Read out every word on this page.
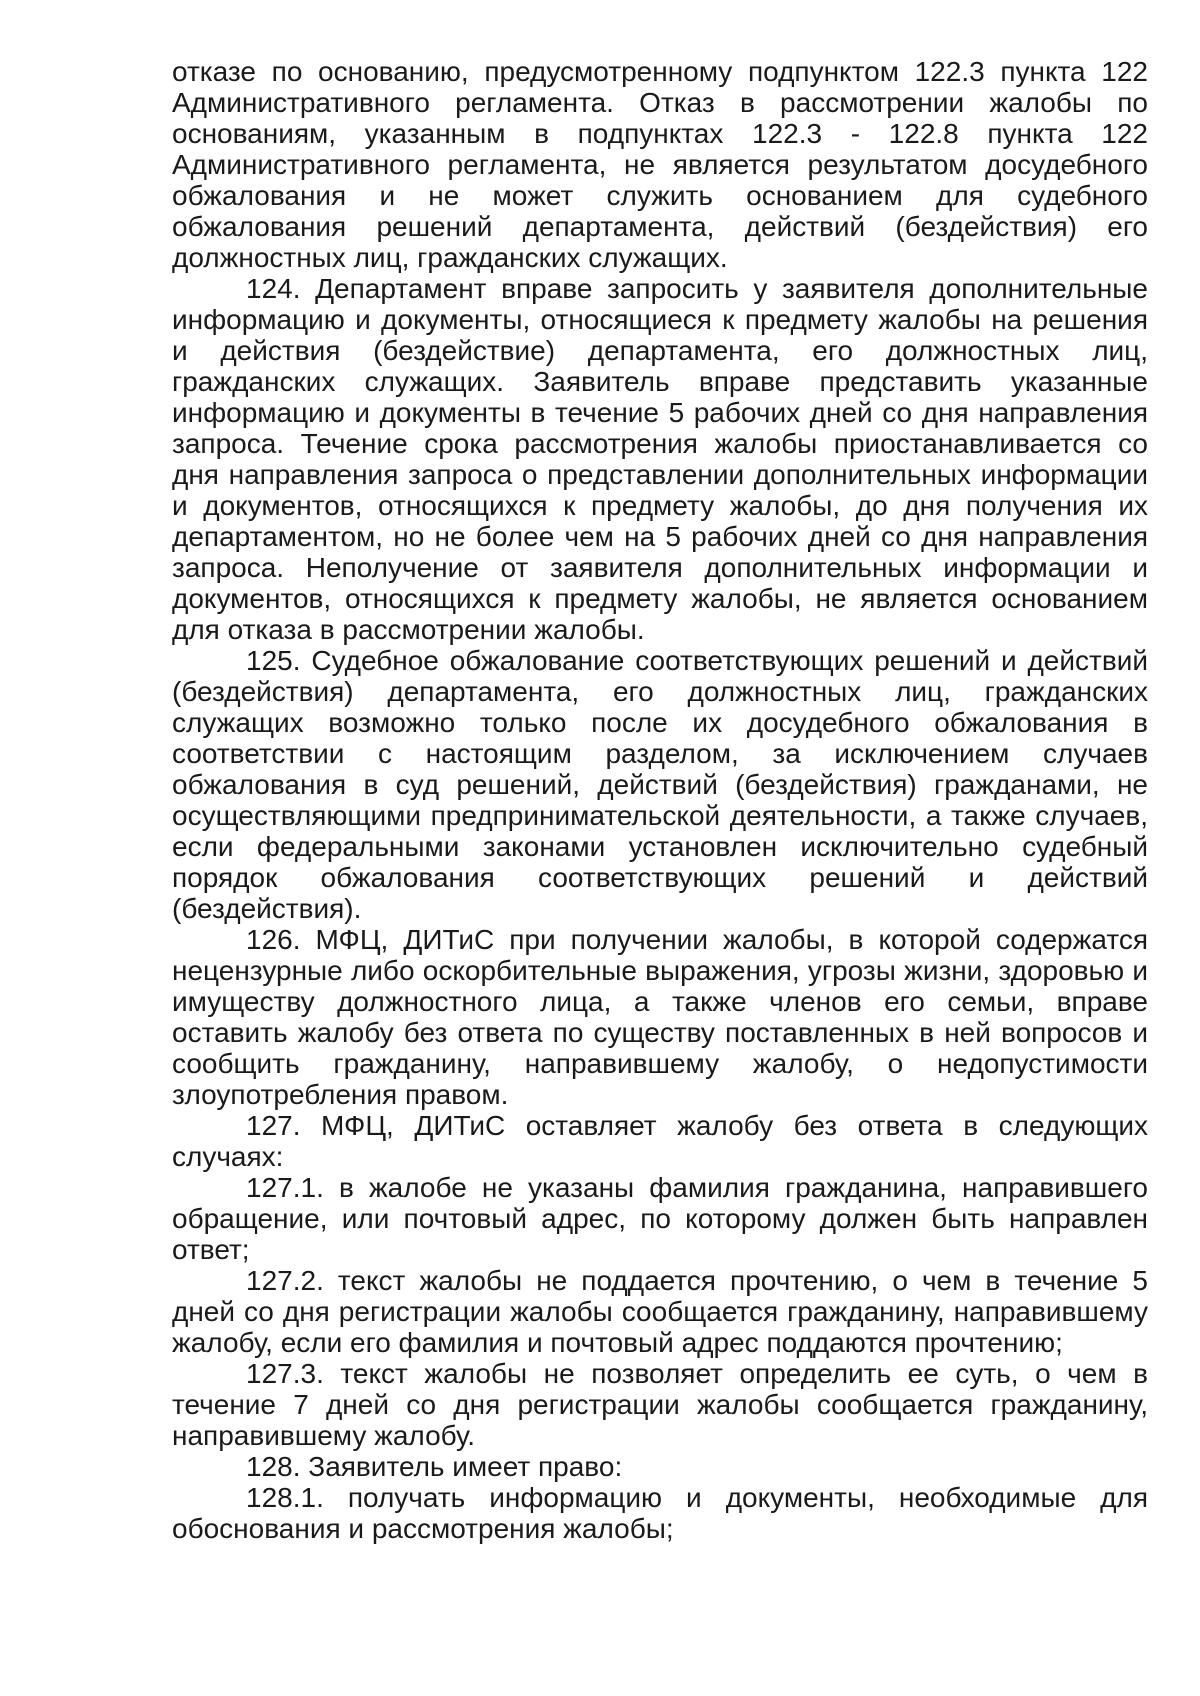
отказе по основанию, предусмотренному подпунктом 122.3 пункта 122 Административного регламента. Отказ в рассмотрении жалобы по основаниям, указанным в подпунктах 122.3 - 122.8 пункта 122 Административного регламента, не является результатом досудебного обжалования и не может служить основанием для судебного обжалования решений департамента, действий (бездействия) его должностных лиц, гражданских служащих.

124. Департамент вправе запросить у заявителя дополнительные информацию и документы, относящиеся к предмету жалобы на решения и действия (бездействие) департамента, его должностных лиц, гражданских служащих. Заявитель вправе представить указанные информацию и документы в течение 5 рабочих дней со дня направления запроса. Течение срока рассмотрения жалобы приостанавливается со дня направления запроса о представлении дополнительных информации и документов, относящихся к предмету жалобы, до дня получения их департаментом, но не более чем на 5 рабочих дней со дня направления запроса. Неполучение от заявителя дополнительных информации и документов, относящихся к предмету жалобы, не является основанием для отказа в рассмотрении жалобы.

125. Судебное обжалование соответствующих решений и действий (бездействия) департамента, его должностных лиц, гражданских служащих возможно только после их досудебного обжалования в соответствии с настоящим разделом, за исключением случаев обжалования в суд решений, действий (бездействия) гражданами, не осуществляющими предпринимательской деятельности, а также случаев, если федеральными законами установлен исключительно судебный порядок обжалования соответствующих решений и действий (бездействия).

126. МФЦ, ДИТиС при получении жалобы, в которой содержатся нецензурные либо оскорбительные выражения, угрозы жизни, здоровью и имуществу должностного лица, а также членов его семьи, вправе оставить жалобу без ответа по существу поставленных в ней вопросов и сообщить гражданину, направившему жалобу, о недопустимости злоупотребления правом.

127. МФЦ, ДИТиС оставляет жалобу без ответа в следующих случаях:

127.1. в жалобе не указаны фамилия гражданина, направившего обращение, или почтовый адрес, по которому должен быть направлен ответ;

127.2. текст жалобы не поддается прочтению, о чем в течение 5 дней со дня регистрации жалобы сообщается гражданину, направившему жалобу, если его фамилия и почтовый адрес поддаются прочтению;

127.3. текст жалобы не позволяет определить ее суть, о чем в течение 7 дней со дня регистрации жалобы сообщается гражданину, направившему жалобу.

128. Заявитель имеет право:

128.1. получать информацию и документы, необходимые для обоснования и рассмотрения жалобы;
